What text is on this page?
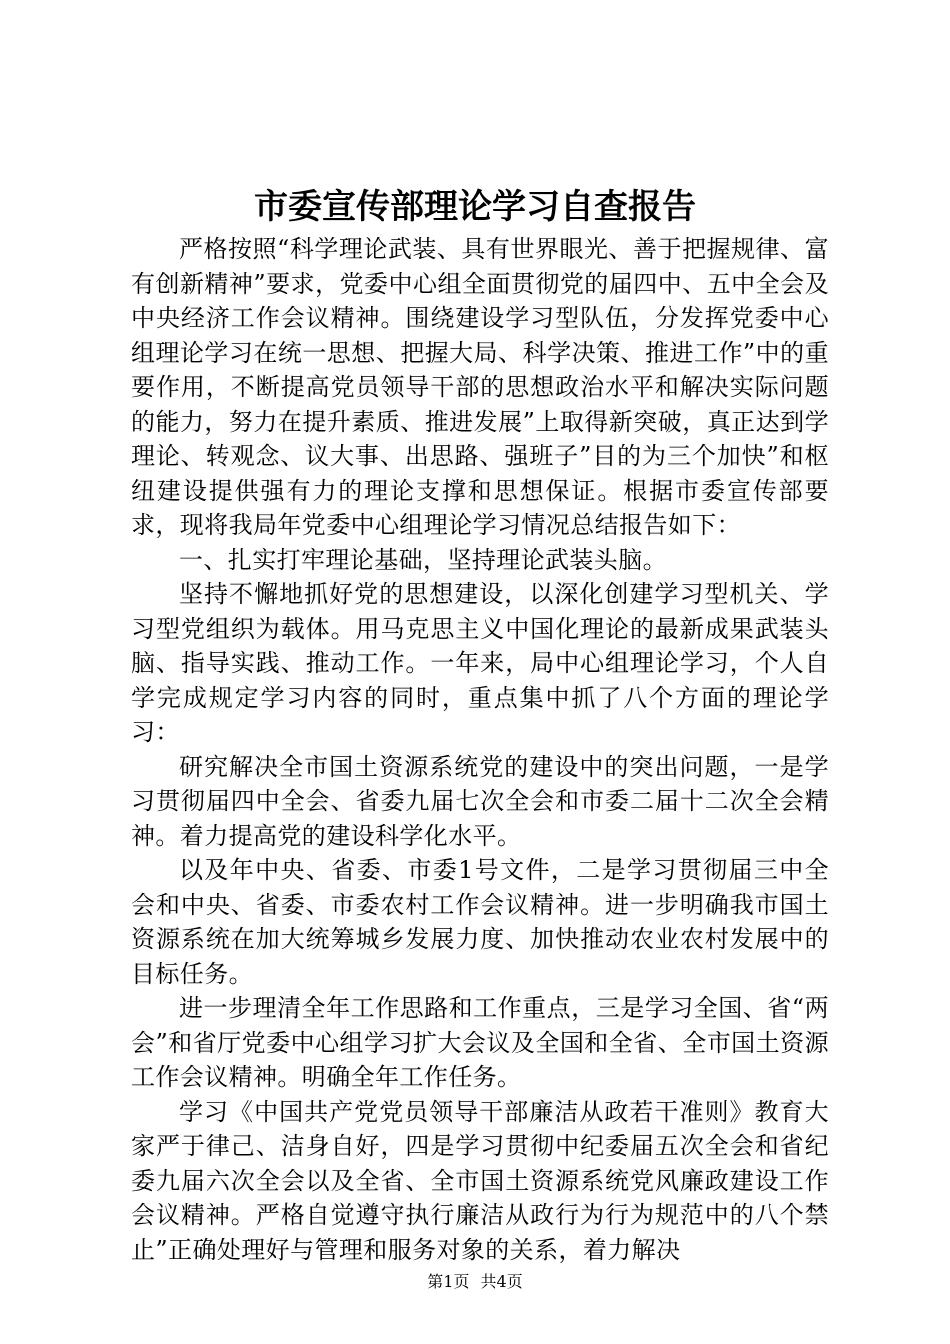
市委宣传部理论学习自查报告

严格按照“科学理论武装、具有世界眼光、善于把握规律、富有创新精神”要求，党委中心组全面贯彻党的届四中、五中全会及中央经济工作会议精神。围绕建设学习型队伍，分发挥党委中心组理论学习在统一思想、把握大局、科学决策、推进工作”中的重要作用，不断提高党员领导干部的思想政治水平和解决实际问题的能力，努力在提升素质、推进发展”上取得新突破，真正达到学理论、转观念、议大事、出思路、强班子”目的为三个加快”和枢纽建设提供强有力的理论支撑和思想保证。根据市委宣传部要求，现将我局年党委中心组理论学习情况总结报告如下：

一、扎实打牢理论基础，坚持理论武装头脑。

坚持不懈地抓好党的思想建设，以深化创建学习型机关、学习型党组织为载体。用马克思主义中国化理论的最新成果武装头脑、指导实践、推动工作。一年来，局中心组理论学习，个人自学完成规定学习内容的同时，重点集中抓了八个方面的理论学习：

研究解决全市国土资源系统党的建设中的突出问题，一是学习贯彻届四中全会、省委九届七次全会和市委二届十二次全会精神。着力提高党的建设科学化水平。

以及年中央、省委、市委1号文件，二是学习贯彻届三中全会和中央、省委、市委农村工作会议精神。进一步明确我市国土资源系统在加大统筹城乡发展力度、加快推动农业农村发展中的目标任务。

进一步理清全年工作思路和工作重点，三是学习全国、省“两会”和省厅党委中心组学习扩大会议及全国和全省、全市国土资源工作会议精神。明确全年工作任务。

学习《中国共产党党员领导干部廉洁从政若干准则》教育大家严于律己、洁身自好，四是学习贯彻中纪委届五次全会和省纪委九届六次全会以及全省、全市国土资源系统党风廉政建设工作会议精神。严格自觉遵守执行廉洁从政行为行为规范中的八个禁止”正确处理好与管理和服务对象的关系，着力解决

第1页 共4页
